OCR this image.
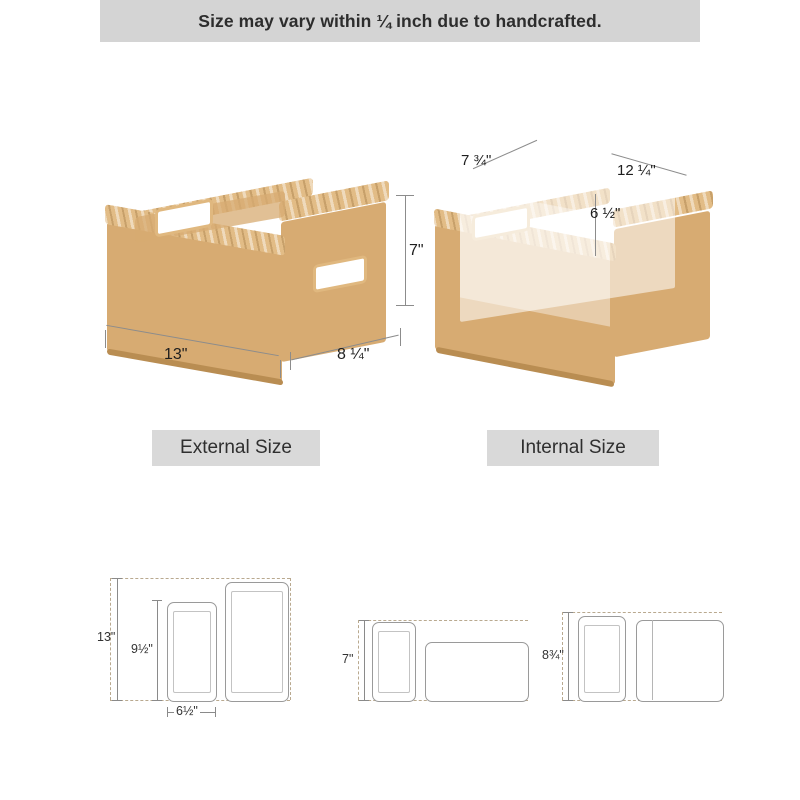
Size may vary within ¼ inch due to handcrafted.
13"	8 ¼"
7"
7 ¾"
12 ¼"
6 ½"
External Size	Internal Size
13"
9½"
6½"
7"	8¾"
